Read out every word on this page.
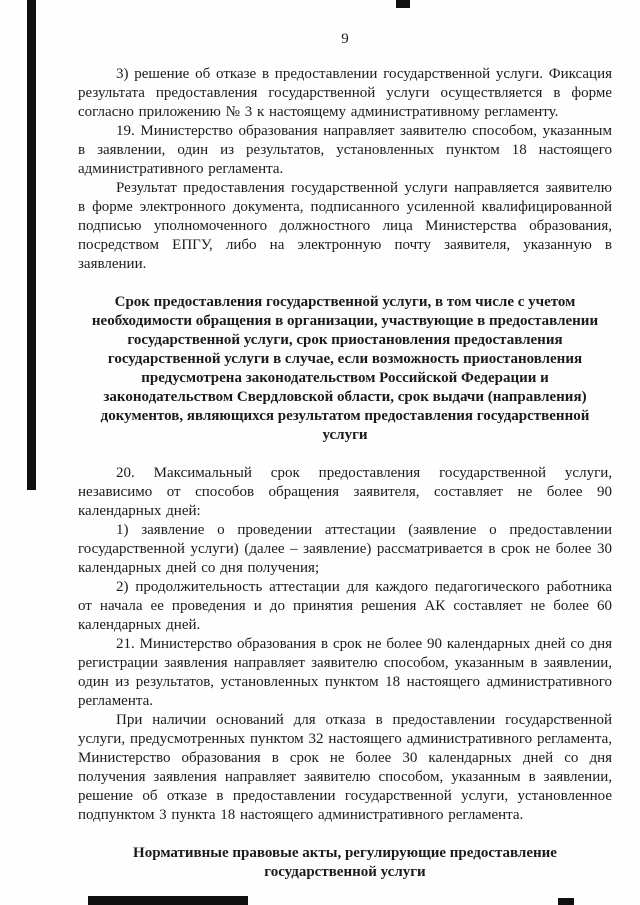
9

3) решение об отказе в предоставлении государственной услуги. Фиксация результата предоставления государственной услуги осуществляется в форме согласно приложению № 3 к настоящему административному регламенту.

19. Министерство образования направляет заявителю способом, указанным в заявлении, один из результатов, установленных пунктом 18 настоящего административного регламента.

Результат предоставления государственной услуги направляется заявителю в форме электронного документа, подписанного усиленной квалифицированной подписью уполномоченного должностного лица Министерства образования, посредством ЕПГУ, либо на электронную почту заявителя, указанную в заявлении.

Срок предоставления государственной услуги, в том числе с учетом необходимости обращения в организации, участвующие в предоставлении государственной услуги, срок приостановления предоставления государственной услуги в случае, если возможность приостановления предусмотрена законодательством Российской Федерации и законодательством Свердловской области, срок выдачи (направления) документов, являющихся результатом предоставления государственной услуги

20. Максимальный срок предоставления государственной услуги, независимо от способов обращения заявителя, составляет не более 90 календарных дней:

1) заявление о проведении аттестации (заявление о предоставлении государственной услуги) (далее – заявление) рассматривается в срок не более 30 календарных дней со дня получения;

2) продолжительность аттестации для каждого педагогического работника от начала ее проведения и до принятия решения АК составляет не более 60 календарных дней.

21. Министерство образования в срок не более 90 календарных дней со дня регистрации заявления направляет заявителю способом, указанным в заявлении, один из результатов, установленных пунктом 18 настоящего административного регламента.

При наличии оснований для отказа в предоставлении государственной услуги, предусмотренных пунктом 32 настоящего административного регламента, Министерство образования в срок не более 30 календарных дней со дня получения заявления направляет заявителю способом, указанным в заявлении, решение об отказе в предоставлении государственной услуги, установленное подпунктом 3 пункта 18 настоящего административного регламента.

Нормативные правовые акты, регулирующие предоставление государственной услуги
